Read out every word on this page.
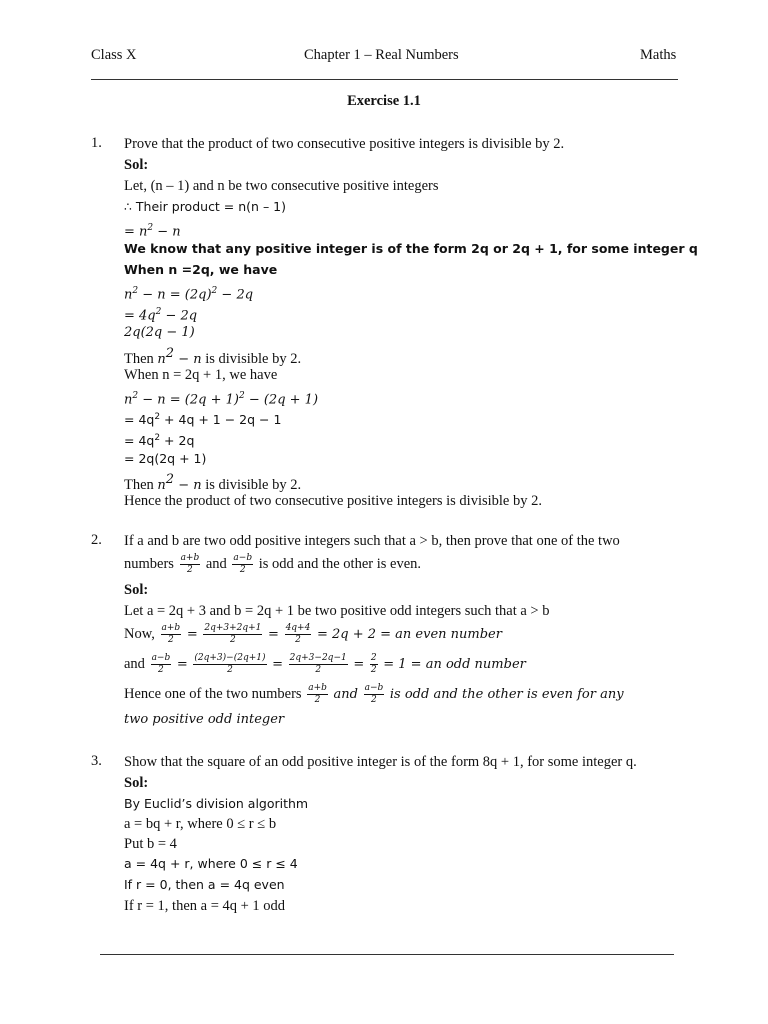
Class X	Chapter 1 – Real Numbers	Maths
Exercise 1.1
1. Prove that the product of two consecutive positive integers is divisible by 2.
Sol:
Let, (n – 1) and n be two consecutive positive integers
∴ Their product = n(n – 1)
= $n^2 - n$
We know that any positive integer is of the form 2q or 2q + 1, for some integer q
When n =2q, we have
$n^2 - n = (2q)^2 - 2q$
= $4q^2 - 2q$
2q(2q − 1)
Then $n^2 - n$ is divisible by 2.
When n = 2q + 1, we have
$n^2 - n = (2q + 1)^2 - (2q + 1)$
= $4q^2 + 4q + 1 - 2q - 1$
= $4q^2 + 2q$
= 2q(2q + 1)
Then $n^2 - n$ is divisible by 2.
Hence the product of two consecutive positive integers is divisible by 2.
2. If a and b are two odd positive integers such that a > b, then prove that one of the two
numbers $\frac{a+b}{2}$ and $\frac{a-b}{2}$ is odd and the other is even.
Sol:
Let a = 2q + 3 and b = 2q + 1 be two positive odd integers such that a > b
Now, $\frac{a+b}{2} = \frac{2q+3+2q+1}{2} = \frac{4q+4}{2} = 2q + 2$ = an even number
and $\frac{a-b}{2} = \frac{(2q+3)-(2q+1)}{2} = \frac{2q+3-2q-1}{2} = \frac{2}{2} = 1$ = an odd number
Hence one of the two numbers $\frac{a+b}{2}$ and $\frac{a-b}{2}$ is odd and the other is even for any
two positive odd integer
3. Show that the square of an odd positive integer is of the form 8q + 1, for some integer q.
Sol:
By Euclid’s division algorithm
a = bq + r, where 0 ≤ r ≤ b
Put b = 4
a = 4q + r, where 0 ≤ r ≤ 4
If r = 0, then a = 4q even
If r = 1, then a = 4q + 1 odd
